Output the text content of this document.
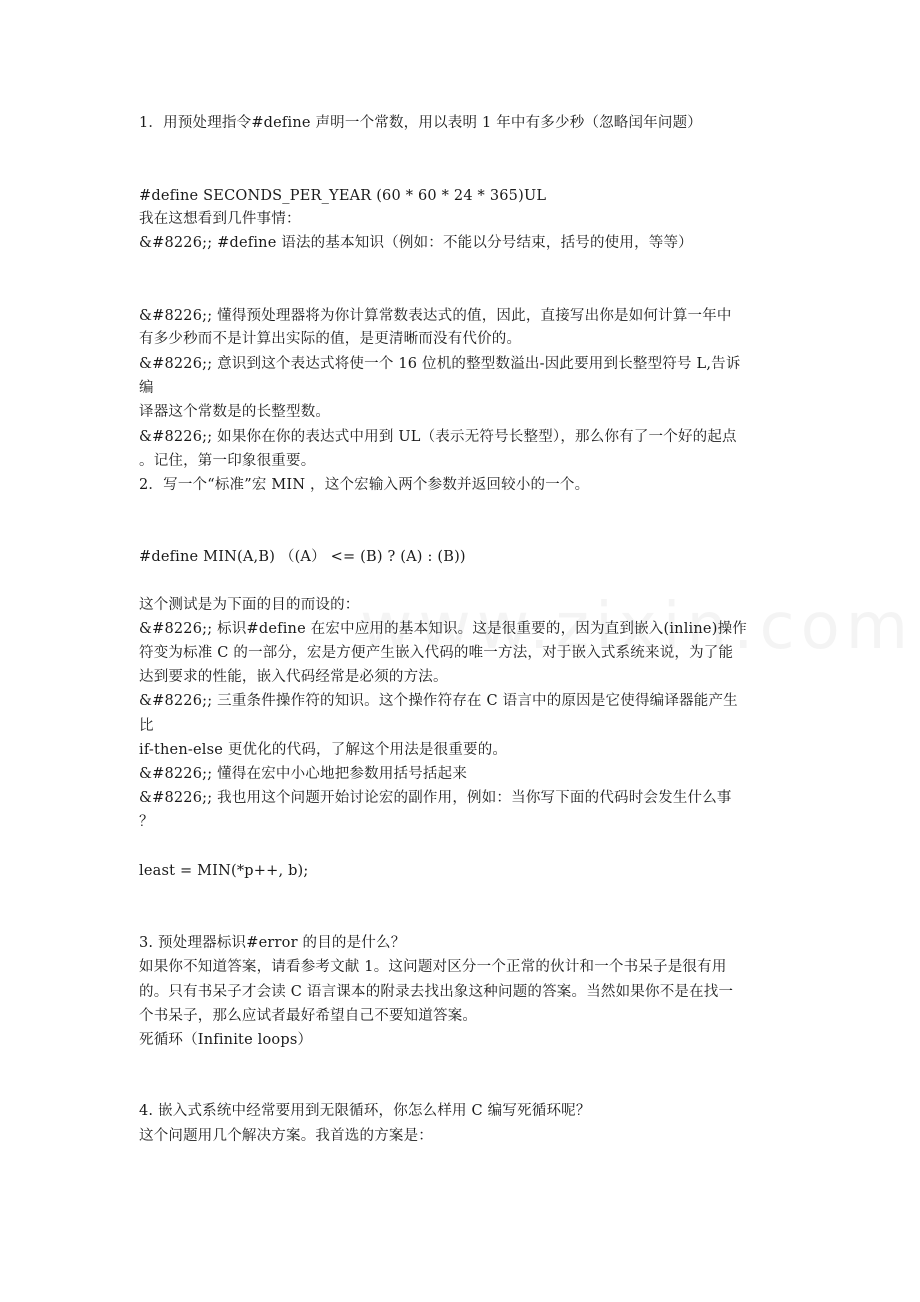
1．用预处理指令#define 声明一个常数，用以表明 1 年中有多少秒（忽略闰年问题）
#define SECONDS_PER_YEAR (60 * 60 * 24 * 365)UL
我在这想看到几件事情：
&#8226;; #define 语法的基本知识（例如：不能以分号结束，括号的使用，等等）
&#8226;; 懂得预处理器将为你计算常数表达式的值，因此，直接写出你是如何计算一年中
有多少秒而不是计算出实际的值，是更清晰而没有代价的。
&#8226;; 意识到这个表达式将使一个 16 位机的整型数溢出-因此要用到长整型符号 L,告诉
编
译器这个常数是的长整型数。
&#8226;; 如果你在你的表达式中用到 UL（表示无符号长整型），那么你有了一个好的起点
。记住，第一印象很重要。
2．写一个“标准”宏 MIN ，这个宏输入两个参数并返回较小的一个。
#define MIN(A,B) （(A） <= (B) ? (A) : (B))
这个测试是为下面的目的而设的：
&#8226;; 标识#define 在宏中应用的基本知识。这是很重要的，因为直到嵌入(inline)操作
符变为标准 C 的一部分，宏是方便产生嵌入代码的唯一方法，对于嵌入式系统来说，为了能
达到要求的性能，嵌入代码经常是必须的方法。
&#8226;; 三重条件操作符的知识。这个操作符存在 C 语言中的原因是它使得编译器能产生
比
if-then-else 更优化的代码，了解这个用法是很重要的。
&#8226;; 懂得在宏中小心地把参数用括号括起来
&#8226;; 我也用这个问题开始讨论宏的副作用，例如：当你写下面的代码时会发生什么事
？
least = MIN(*p++, b);
3. 预处理器标识#error 的目的是什么？
如果你不知道答案，请看参考文献 1。这问题对区分一个正常的伙计和一个书呆子是很有用
的。只有书呆子才会读 C 语言课本的附录去找出象这种问题的答案。当然如果你不是在找一
个书呆子，那么应试者最好希望自己不要知道答案。
死循环（Infinite loops）
4. 嵌入式系统中经常要用到无限循环，你怎么样用 C 编写死循环呢？
这个问题用几个解决方案。我首选的方案是：
